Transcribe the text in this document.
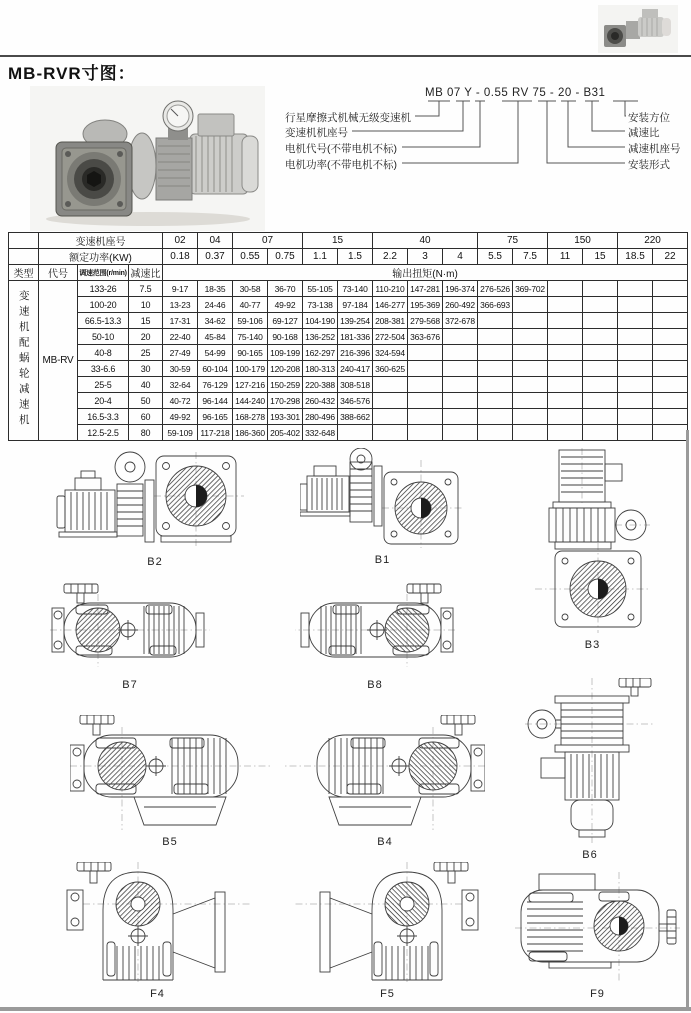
MB-RVR寸图：
MB 07 Y - 0.55 RV 75 - 20 - B31
行星摩擦式机械无级变速机
变速机机座号
电机代号(不带电机不标)
电机功率(不带电机不标)
安装方位
减速比
减速机座号
安装形式
	变速机座号			02	04	07		15		40			75		150		220	
	额定功率(KW)			0.18	0.37	0.55	0.75	1.1	1.5	2.2	3	4	5.5	7.5	11	15	18.5	22
类型	代号	调速范围(r/min)	减速比	输出扭矩(N·m)														
变速机配蜗轮减速机	MB-RV	133-26	7.5	9-17	18-35	30-58	36-70	55-105	73-140	110-210	147-281	196-374	276-526	369-702				
		100-20	10	13-23	24-46	40-77	49-92	73-138	97-184	146-277	195-369	260-492	366-693					
		66.5-13.3	15	17-31	34-62	59-106	69-127	104-190	139-254	208-381	279-568	372-678						
		50-10	20	22-40	45-84	75-140	90-168	136-252	181-336	272-504	363-676							
		40-8	25	27-49	54-99	90-165	109-199	162-297	216-396	324-594								
		33-6.6	30	30-59	60-104	100-179	120-208	180-313	240-417	360-625								
		25-5	40	32-64	76-129	127-216	150-259	220-388	308-518									
		20-4	50	40-72	96-144	144-240	170-298	260-432	346-576									
		16.5-3.3	60	49-92	96-165	168-278	193-301	280-496	388-662									
		12.5-2.5	80	59-109	117-218	186-360	205-402	332-648										
B2	B1
B3
B7	B8
B5	B4
B6
F4	F5	F9
